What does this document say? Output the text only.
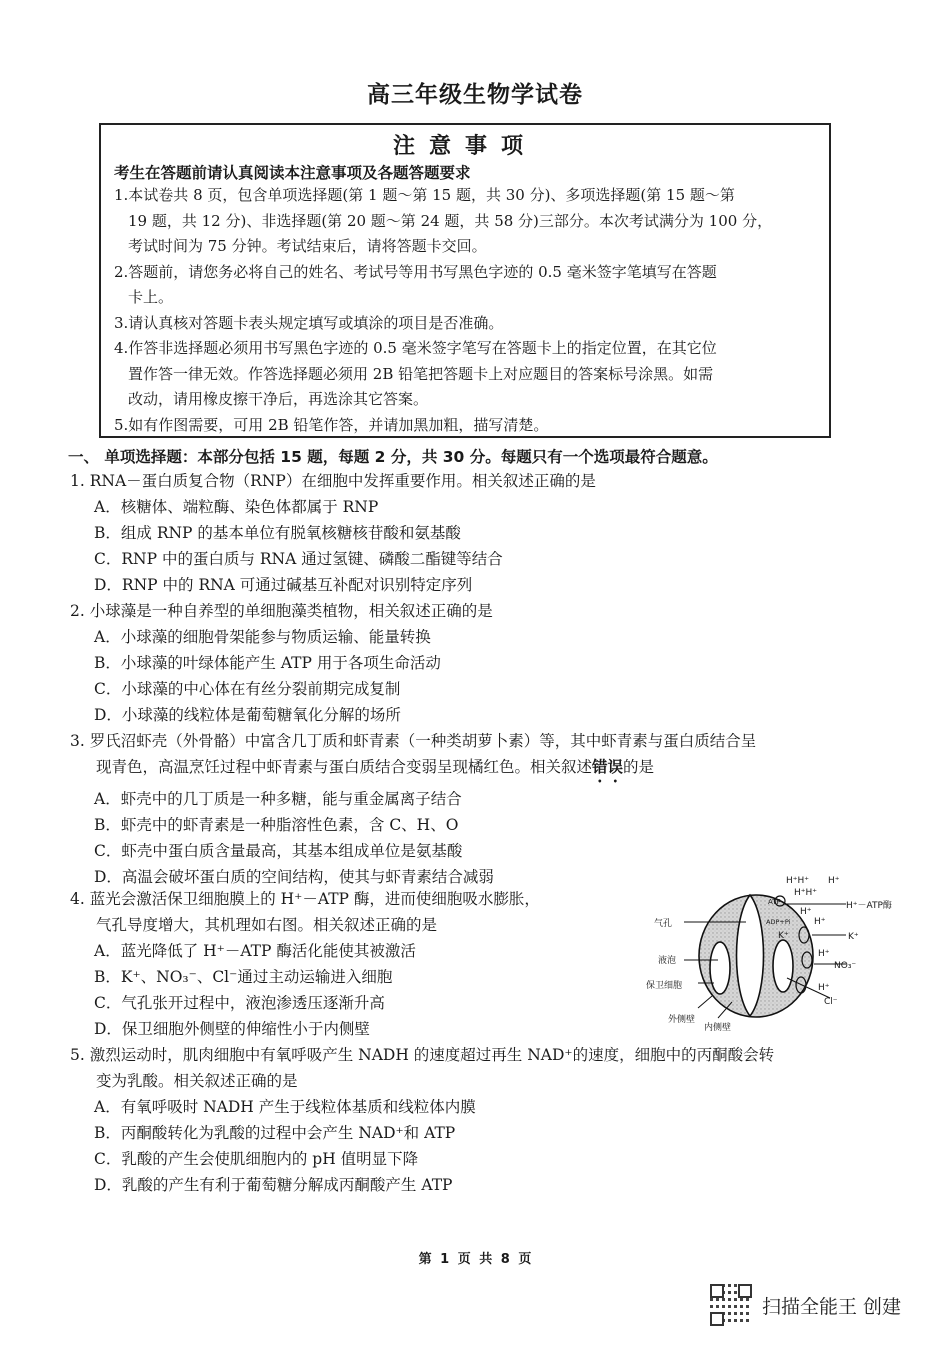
高三年级生物学试卷
注意事项
考生在答题前请认真阅读本注意事项及各题答题要求
1.本试卷共 8 页，包含单项选择题(第 1 题～第 15 题，共 30 分)、多项选择题(第 15 题～第
19 题，共 12 分)、非选择题(第 20 题～第 24 题，共 58 分)三部分。本次考试满分为 100 分，
考试时间为 75 分钟。考试结束后，请将答题卡交回。
2.答题前，请您务必将自己的姓名、考试号等用书写黑色字迹的 0.5 毫米签字笔填写在答题
卡上。
3.请认真核对答题卡表头规定填写或填涂的项目是否准确。
4.作答非选择题必须用书写黑色字迹的 0.5 毫米签字笔写在答题卡上的指定位置，在其它位
置作答一律无效。作答选择题必须用 2B 铅笔把答题卡上对应题目的答案标号涂黑。如需
改动，请用橡皮擦干净后，再选涂其它答案。
5.如有作图需要，可用 2B 铅笔作答，并请加黑加粗，描写清楚。
一、 单项选择题：本部分包括 15 题，每题 2 分，共 30 分。每题只有一个选项最符合题意。
1. RNA－蛋白质复合物（RNP）在细胞中发挥重要作用。相关叙述正确的是
A．核糖体、端粒酶、染色体都属于 RNP
B．组成 RNP 的基本单位有脱氧核糖核苷酸和氨基酸
C．RNP 中的蛋白质与 RNA 通过氢键、磷酸二酯键等结合
D．RNP 中的 RNA 可通过碱基互补配对识别特定序列
2. 小球藻是一种自养型的单细胞藻类植物，相关叙述正确的是
A．小球藻的细胞骨架能参与物质运输、能量转换
B．小球藻的叶绿体能产生 ATP 用于各项生命活动
C．小球藻的中心体在有丝分裂前期完成复制
D．小球藻的线粒体是葡萄糖氧化分解的场所
3. 罗氏沼虾壳（外骨骼）中富含几丁质和虾青素（一种类胡萝卜素）等，其中虾青素与蛋白质结合呈
现青色，高温烹饪过程中虾青素与蛋白质结合变弱呈现橘红色。相关叙述错误的是
A．虾壳中的几丁质是一种多糖，能与重金属离子结合
B．虾壳中的虾青素是一种脂溶性色素，含 C、H、O
C．虾壳中蛋白质含量最高，其基本组成单位是氨基酸
D．高温会破坏蛋白质的空间结构，使其与虾青素结合减弱
4. 蓝光会激活保卫细胞膜上的 H⁺－ATP 酶，进而使细胞吸水膨胀，
气孔导度增大，其机理如右图。相关叙述正确的是
A．蓝光降低了 H⁺－ATP 酶活化能使其被激活
B．K⁺、NO₃⁻、Cl⁻通过主动运输进入细胞
C．气孔张开过程中，液泡渗透压逐渐升高
D．保卫细胞外侧壁的伸缩性小于内侧壁
气孔
液泡
保卫细胞
外侧壁
内侧壁
ATP
ADP+Pi
H⁺H⁺ H⁺
H⁺H⁺
H⁺
H⁺－ATP酶
H⁺
K⁺	K⁺
H⁺
NO₃⁻
H⁺
Cl⁻
5. 激烈运动时，肌肉细胞中有氧呼吸产生 NADH 的速度超过再生 NAD⁺的速度，细胞中的丙酮酸会转
变为乳酸。相关叙述正确的是
A．有氧呼吸时 NADH 产生于线粒体基质和线粒体内膜
B．丙酮酸转化为乳酸的过程中会产生 NAD⁺和 ATP
C．乳酸的产生会使肌细胞内的 pH 值明显下降
D．乳酸的产生有利于葡萄糖分解成丙酮酸产生 ATP
第 1 页 共 8 页
扫描全能王 创建
